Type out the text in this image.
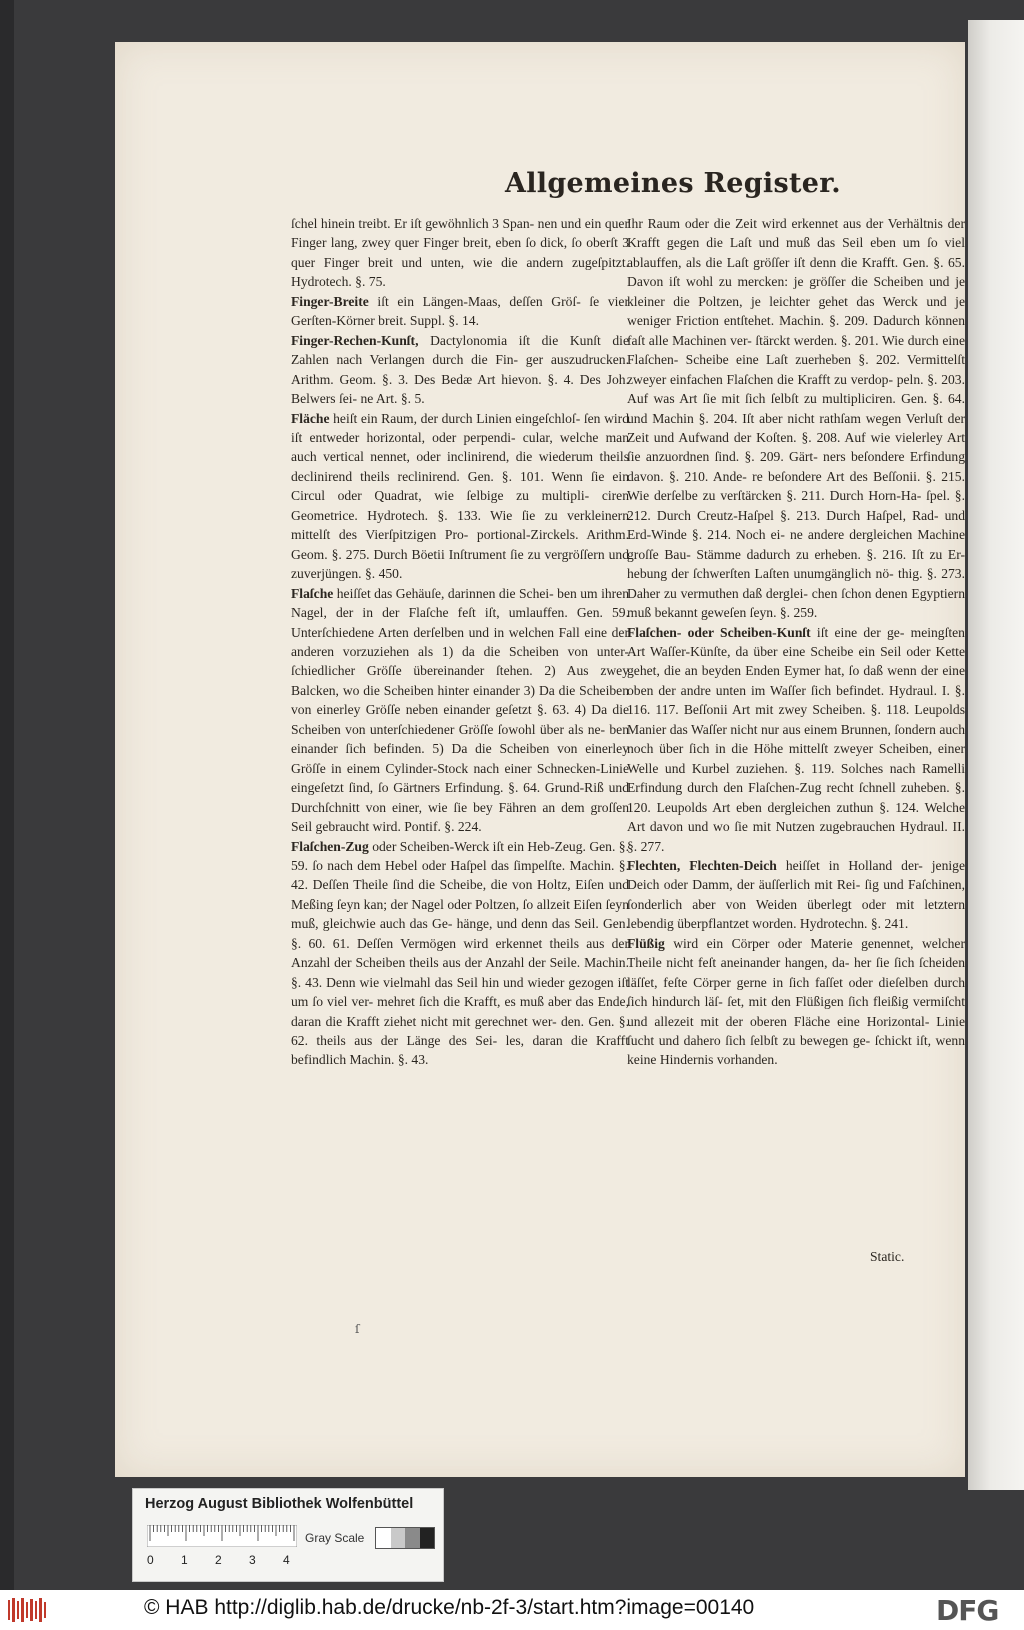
Allgemeines Register.

ſchel hinein treibt. Er iſt gewöhnlich 3 Span- nen und ein quer Finger lang, zwey quer Finger breit, eben ſo dick, ſo oberſt 3 quer Finger breit und unten, wie die andern zugeſpitzt. Hydrotech. §. 75.

Finger-Breite iſt ein Längen-Maas, deſſen Gröſ- ſe vier Gerſten-Körner breit. Suppl. §. 14.

Finger-Rechen-Kunſt, Dactylonomia iſt die Kunſt die Zahlen nach Verlangen durch die Fin- ger auszudrucken. Arithm. Geom. §. 3. Des Bedæ Art hievon. §. 4. Des Joh. Belwers ſei- ne Art. §. 5.

Fläche heiſt ein Raum, der durch Linien eingeſchloſ- ſen wird iſt entweder horizontal, oder perpendi- cular, welche man auch vertical nennet, oder inclinirend, die wiederum theils declinirend theils reclinirend. Gen. §. 101. Wenn ſie ein Circul oder Quadrat, wie ſelbige zu multipli- ciren Geometrice. Hydrotech. §. 133. Wie ſie zu verkleinern mittelſt des Vierſpitzigen Pro- portional-Zirckels. Arithm. Geom. §. 275. Durch Böetii Inſtrument ſie zu vergröſſern und zuverjüngen. §. 450.

Flaſche heiſſet das Gehäuſe, darinnen die Schei- ben um ihren Nagel, der in der Flaſche feſt iſt, umlauffen. Gen. 59. Unterſchiedene Arten derſelben und in welchen Fall eine der anderen vorzuziehen als 1) da die Scheiben von unter- ſchiedlicher Gröſſe übereinander ſtehen. 2) Aus zwey Balcken, wo die Scheiben hinter einander 3) Da die Scheiben von einerley Gröſſe neben einander geſetzt §. 63. 4) Da die Scheiben von unterſchiedener Gröſſe ſowohl über als ne- ben einander ſich befinden. 5) Da die Scheiben von einerley Gröſſe in einem Cylinder-Stock nach einer Schnecken-Linie eingeſetzt ſind, ſo Gärtners Erfindung. §. 64. Grund-Riß und Durchſchnitt von einer, wie ſie bey Fähren an dem groſſen Seil gebraucht wird. Pontif. §. 224.

Flaſchen-Zug oder Scheiben-Werck iſt ein Heb-Zeug. Gen. §. 59. ſo nach dem Hebel oder Haſpel das ſimpelſte. Machin. §. 42. Deſſen Theile ſind die Scheibe, die von Holtz, Eiſen und Meßing ſeyn kan; der Nagel oder Poltzen, ſo allzeit Eiſen ſeyn muß, gleichwie auch das Ge- hänge, und denn das Seil. Gen. §. 60. 61. Deſſen Vermögen wird erkennet theils aus der Anzahl der Scheiben theils aus der Anzahl der Seile. Machin. §. 43. Denn wie vielmahl das Seil hin und wieder gezogen iſt um ſo viel ver- mehret ſich die Krafft, es muß aber das Ende, daran die Krafft ziehet nicht mit gerechnet wer- den. Gen. §. 62. theils aus der Länge des Sei- les, daran die Krafft befindlich Machin. §. 43.

Ihr Raum oder die Zeit wird erkennet aus der Verhältnis der Krafft gegen die Laſt und muß das Seil eben um ſo viel ablauffen, als die Laſt gröſſer iſt denn die Krafft. Gen. §. 65. Davon iſt wohl zu mercken: je gröſſer die Scheiben und je kleiner die Poltzen, je leichter gehet das Werck und je weniger Friction entſtehet. Machin. §. 209. Dadurch können faſt alle Machinen ver- ſtärckt werden. §. 201. Wie durch eine Flaſchen- Scheibe eine Laſt zuerheben §. 202. Vermittelſt zweyer einfachen Flaſchen die Krafft zu verdop- peln. §. 203. Auf was Art ſie mit ſich ſelbſt zu multipliciren. Gen. §. 64. und Machin §. 204. Iſt aber nicht rathſam wegen Verluſt der Zeit und Aufwand der Koſten. §. 208. Auf wie vielerley Art ſie anzuordnen ſind. §. 209. Gärt- ners beſondere Erfindung davon. §. 210. Ande- re beſondere Art des Beſſonii. §. 215. Wie derſelbe zu verſtärcken §. 211. Durch Horn-Ha- ſpel. §. 212. Durch Creutz-Haſpel §. 213. Durch Haſpel, Rad- und Erd-Winde §. 214. Noch ei- ne andere dergleichen Machine groſſe Bau- Stämme dadurch zu erheben. §. 216. Iſt zu Er- hebung der ſchwerſten Laſten unumgänglich nö- thig. §. 273. Daher zu vermuthen daß derglei- chen ſchon denen Egyptiern muß bekannt geweſen ſeyn. §. 259.

Flaſchen- oder Scheiben-Kunſt iſt eine der ge- meingſten Art Waſſer-Künſte, da über eine Scheibe ein Seil oder Kette gehet, die an beyden Enden Eymer hat, ſo daß wenn der eine oben der andre unten im Waſſer ſich befindet. Hydraul. I. §. 116. 117. Beſſonii Art mit zwey Scheiben. §. 118. Leupolds Manier das Waſſer nicht nur aus einem Brunnen, ſondern auch noch über ſich in die Höhe mittelſt zweyer Scheiben, einer Welle und Kurbel zuziehen. §. 119. Solches nach Ramelli Erfindung durch den Flaſchen-Zug recht ſchnell zuheben. §. 120. Leupolds Art eben dergleichen zuthun §. 124. Welche Art davon und wo ſie mit Nutzen zugebrauchen Hydraul. II. §. 277.

Flechten, Flechten-Deich heiſſet in Holland der- jenige Deich oder Damm, der äuſſerlich mit Rei- ſig und Faſchinen, ſonderlich aber von Weiden überlegt oder mit letztern lebendig überpflantzet worden. Hydrotechn. §. 241.

Flüßig wird ein Cörper oder Materie genennet, welcher Theile nicht feſt aneinander hangen, da- her ſie ſich ſcheiden läſſet, feſte Cörper gerne in ſich faſſet oder dieſelben durch ſich hindurch läſ- ſet, mit den Flüßigen ſich fleißig vermiſcht und allezeit mit der oberen Fläche eine Horizontal- Linie ſucht und dahero ſich ſelbſt zu bewegen ge- ſchickt iſt, wenn keine Hindernis vorhanden.

Static.
ſ
Herzog August Bibliothek Wolfenbüttel
0 1 2 3 4
Gray Scale
© HAB http://diglib.hab.de/drucke/nb-2f-3/start.htm?image=00140	DFG
